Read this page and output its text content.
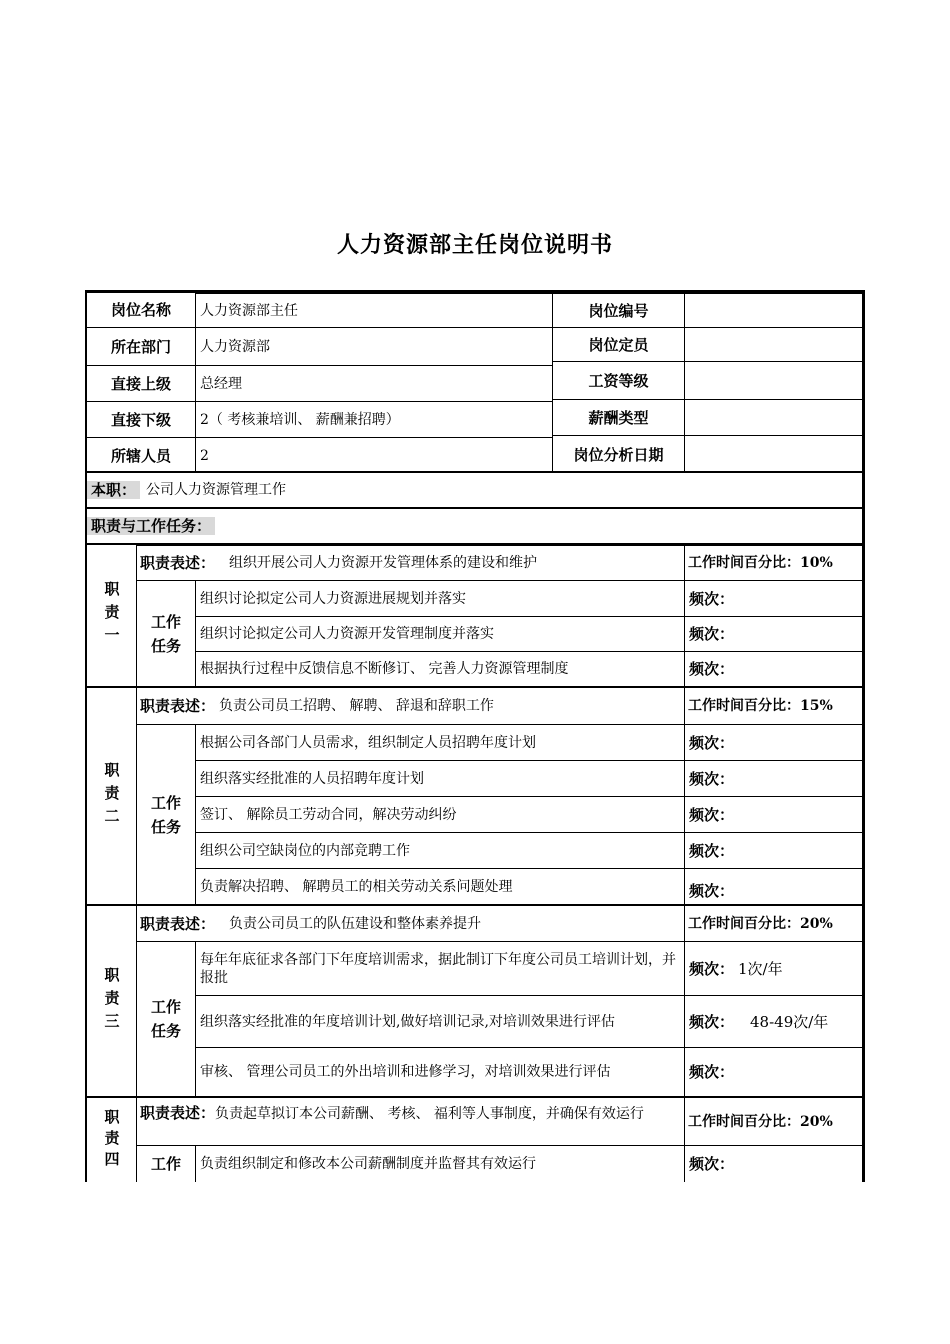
人力资源部主任岗位说明书
岗位名称	人力资源部主任	岗位编号
所在部门	人力资源部	岗位定员
直接上级	总经理	工资等级
直接下级	2（ 考核兼培训、 薪酬兼招聘）	薪酬类型
所辖人员	2	岗位分析日期
本职： 公司人力资源管理工作
职责与工作任务：
职责一
职责表述：	组织开展公司人力资源开发管理体系的建设和维护	工作时间百分比： 10%
工作任务
组织讨论拟定公司人力资源进展规划并落实	频次：
组织讨论拟定公司人力资源开发管理制度并落实	频次：
根据执行过程中反馈信息不断修订、 完善人力资源管理制度	频次：
职责二
职责表述： 负责公司员工招聘、 解聘、 辞退和辞职工作	工作时间百分比： 15%
工作任务
根据公司各部门人员需求，组织制定人员招聘年度计划	频次：
组织落实经批准的人员招聘年度计划	频次：
签订、 解除员工劳动合同，解决劳动纠纷	频次：
组织公司空缺岗位的内部竞聘工作	频次：
负责解决招聘、 解聘员工的相关劳动关系问题处理	频次：
职责三
职责表述：	负责公司员工的队伍建设和整体素养提升	工作时间百分比： 20%
工作任务
每年年底征求各部门下年度培训需求，据此制订下年度公司员工培训计划，并报批	频次： 1次/年
组织落实经批准的年度培训计划,做好培训记录,对培训效果进行评估	频次：	48-49次/年
审核、 管理公司员工的外出培训和进修学习，对培训效果进行评估	频次：
职责四 职责表述：负责起草拟订本公司薪酬、 考核、 福利等人事制度，并确保有效运行	工作时间百分比： 20%
工作	负责组织制定和修改本公司薪酬制度并监督其有效运行	频次：
